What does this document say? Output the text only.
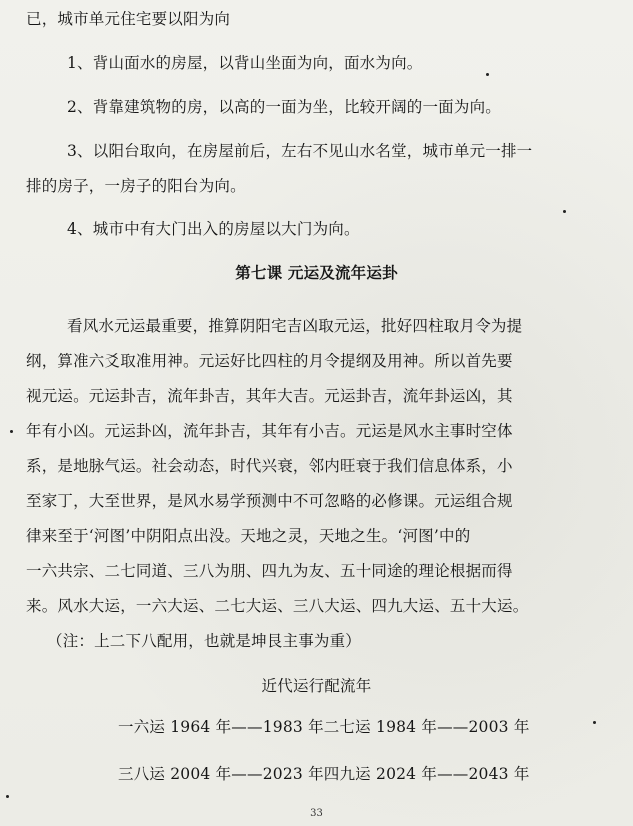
已，城市单元住宅要以阳为向
1、背山面水的房屋，以背山坐面为向，面水为向。
2、背靠建筑物的房，以高的一面为坐，比较开阔的一面为向。
3、以阳台取向，在房屋前后，左右不见山水名堂，城市单元一排一
排的房子，一房子的阳台为向。
4、城市中有大门出入的房屋以大门为向。
第七课 元运及流年运卦
看风水元运最重要，推算阴阳宅吉凶取元运，批好四柱取月令为提
纲，算准六爻取准用神。元运好比四柱的月令提纲及用神。所以首先要
视元运。元运卦吉，流年卦吉，其年大吉。元运卦吉，流年卦运凶，其
年有小凶。元运卦凶，流年卦吉，其年有小吉。元运是风水主事时空体
系，是地脉气运。社会动态，时代兴衰，邻内旺衰于我们信息体系，小
至家丁，大至世界，是风水易学预测中不可忽略的必修课。元运组合规
律来至于‘河图’中阴阳点出没。天地之灵，天地之生。‘河图’中的
一六共宗、二七同道、三八为朋、四九为友、五十同途的理论根据而得
来。风水大运，一六大运、二七大运、三八大运、四九大运、五十大运。
（注：上二下八配用，也就是坤艮主事为重）
近代运行配流年
一六运 1964 年——1983 年二七运 1984 年——2003 年
三八运 2004 年——2023 年四九运 2024 年——2043 年
33
